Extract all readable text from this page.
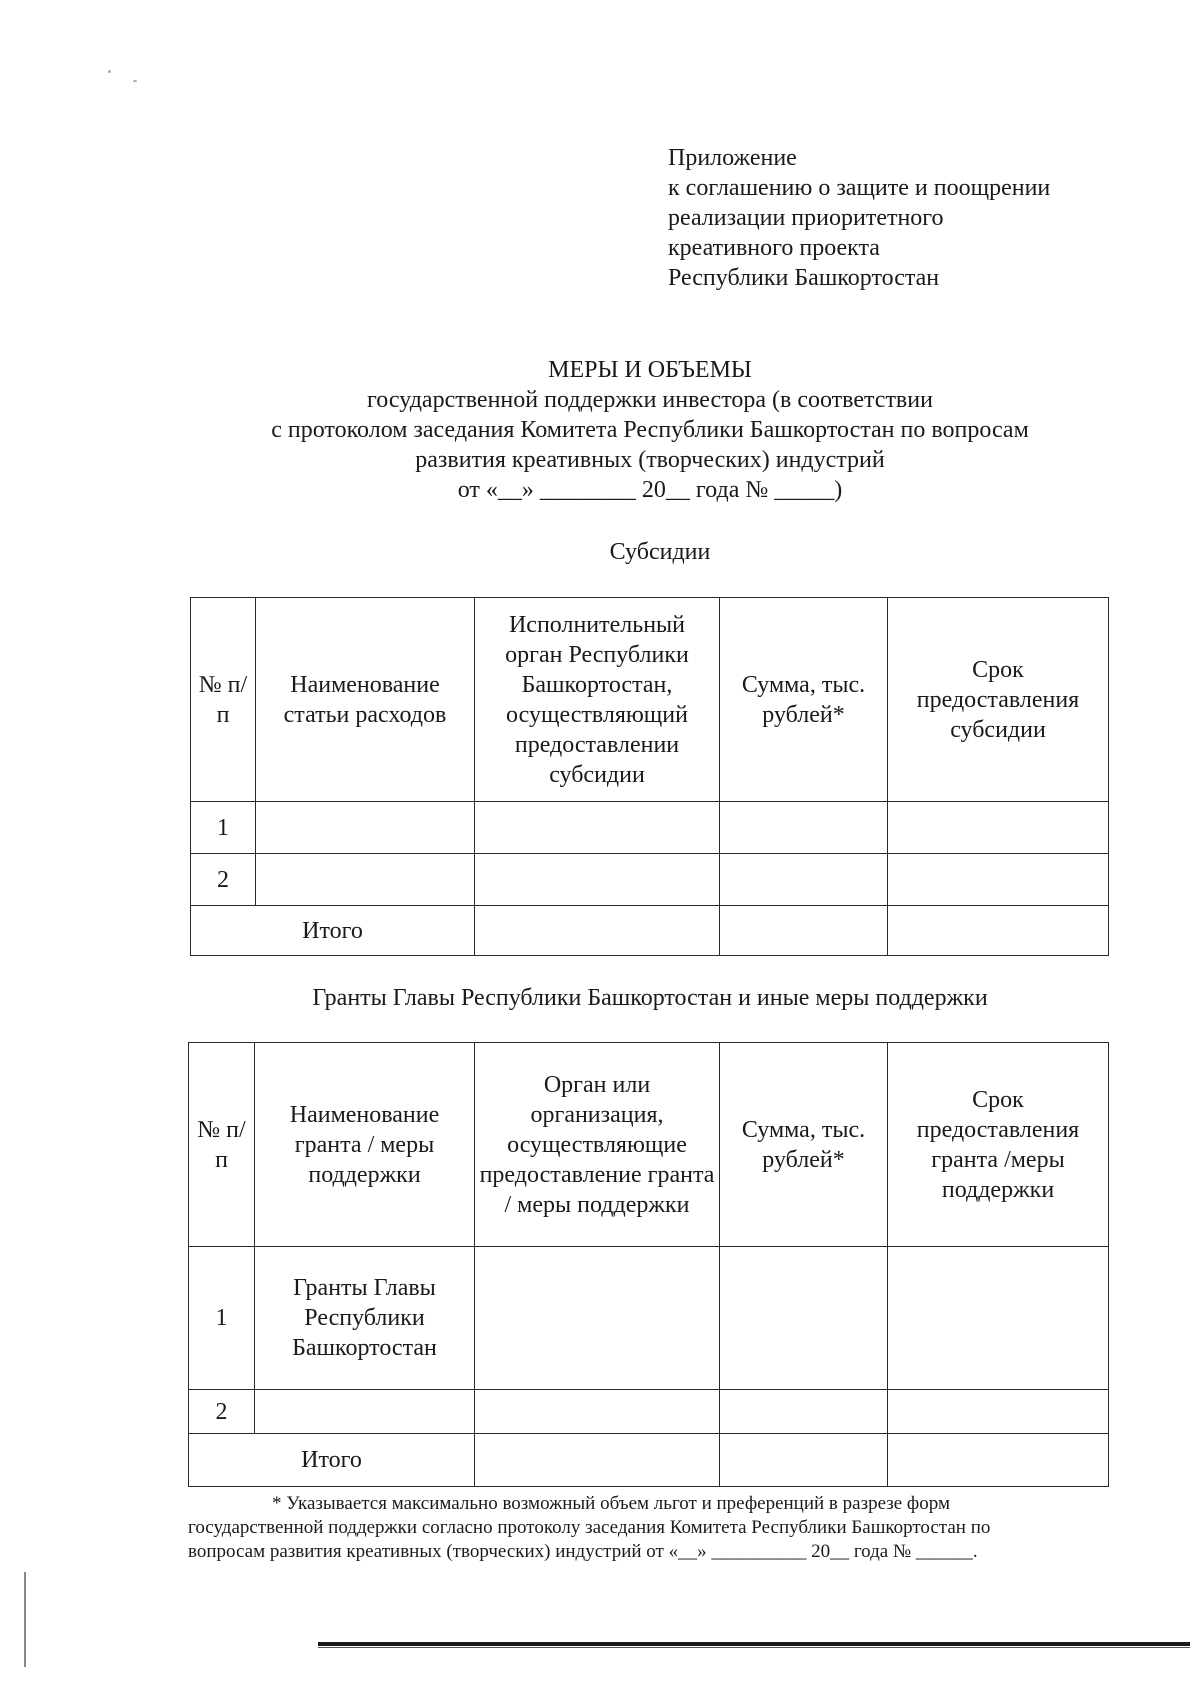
Приложение
к соглашению о защите и поощрении
реализации приоритетного
креативного проекта
Республики Башкортостан
МЕРЫ И ОБЪЕМЫ
государственной поддержки инвестора (в соответствии
с протоколом заседания Комитета Республики Башкортостан по вопросам
развития креативных (творческих) индустрий
от «__» ________ 20__ года № _____)
Субсидии
№ п/п	Наименование статьи расходов	Исполнительный орган Республики Башкортостан, осуществляющий предоставлении субсидии	Сумма, тыс. рублей*	Срок предоставления субсидии
1				
2				
Итого				
Гранты Главы Республики Башкортостан и иные меры поддержки
№ п/п	Наименование гранта / меры поддержки	Орган или организация, осуществляющие предоставление гранта / меры поддержки	Сумма, тыс. рублей*	Срок предоставления гранта /меры поддержки
1	Гранты Главы Республики Башкортостан			
2				
Итого				

* Указывается максимально возможный объем льгот и преференций в разрезе форм

государственной поддержки согласно протоколу заседания Комитета Республики Башкортостан по

вопросам развития креативных (творческих) индустрий от «__» __________ 20__ года № ______.
